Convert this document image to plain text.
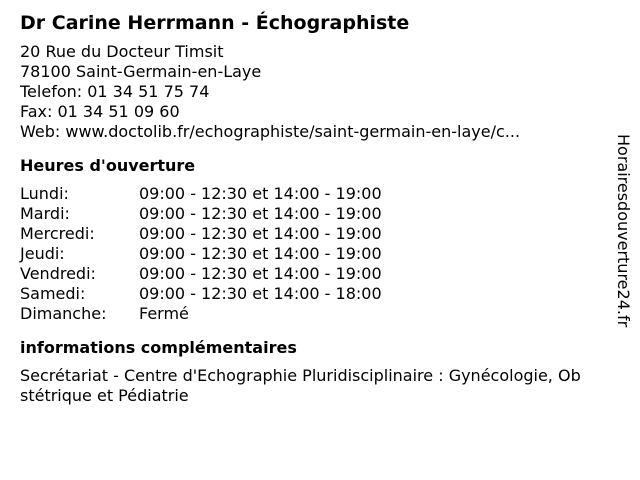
Dr Carine Herrmann - Échographiste
20 Rue du Docteur Timsit
78100 Saint-Germain-en-Laye
Telefon: 01 34 51 75 74
Fax: 01 34 51 09 60
Web: www.doctolib.fr/echographiste/saint-germain-en-laye/c...
Heures d'ouverture
Lundi:	09:00 - 12:30 et 14:00 - 19:00
Mardi:	09:00 - 12:30 et 14:00 - 19:00
Mercredi:	09:00 - 12:30 et 14:00 - 19:00
Jeudi:	09:00 - 12:30 et 14:00 - 19:00
Vendredi:	09:00 - 12:30 et 14:00 - 19:00
Samedi:	09:00 - 12:30 et 14:00 - 18:00
Dimanche:	Fermé
informations complémentaires
Secrétariat - Centre d'Echographie Pluridisciplinaire : Gynécologie, Obstétrique et Pédiatrie
Horairesdouverture24.fr
